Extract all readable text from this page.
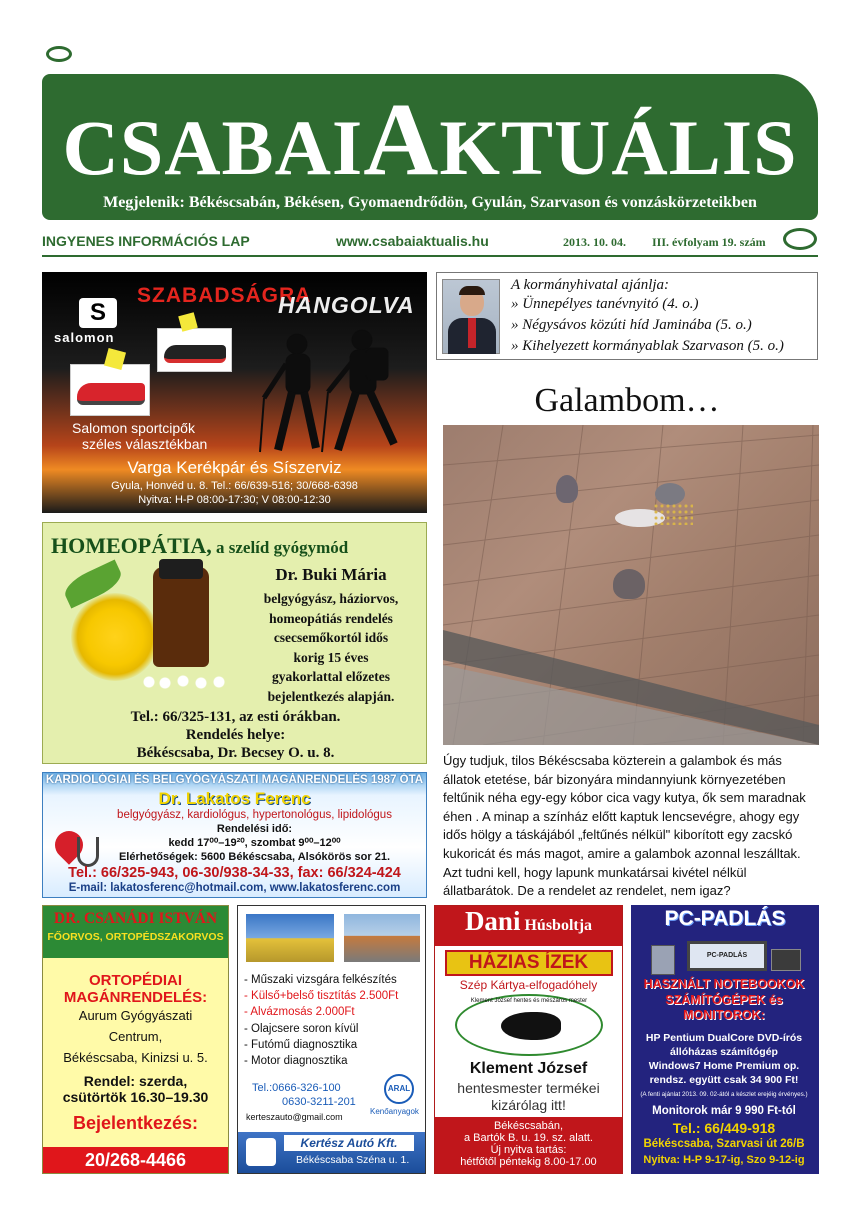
CSABAIAKTUÁLIS
Megjelenik: Békéscsabán, Békésen, Gyomaendrődön, Gyulán, Szarvason és vonzáskörzeteikben
INGYENES INFORMÁCIÓS LAP	www.csabaiaktualis.hu	2013. 10. 04. III. évfolyam 19. szám
SZABADSÁGRA
HANGOLVA
S
salomon
Salomon sportcipők
széles választékban
Varga Kerékpár és Síszerviz
Gyula, Honvéd u. 8. Tel.: 66/639-516; 30/668-6398
Nyitva: H-P 08:00-17:30; V 08:00-12:30
HOMEOPÁTIA, a szelíd gyógymód
Dr. Buki Mária
belgyógyász, háziorvos,
homeopátiás rendelés
csecsemőkortól idős
korig 15 éves
gyakorlattal előzetes
bejelentkezés alapján.
Tel.: 66/325-131, az esti órákban.
Rendelés helye:
Békéscsaba, Dr. Becsey O. u. 8.
KARDIOLÓGIAI ÉS BELGYÓGYÁSZATI MAGÁNRENDELÉS 1987 ÓTA
Dr. Lakatos Ferenc
belgyógyász, kardiológus, hypertonológus, lipidológus
Rendelési idő:
kedd 17⁰⁰–19²⁰, szombat 9⁰⁰–12⁰⁰
Elérhetőségek: 5600 Békéscsaba, Alsókörös sor 21.
Tel.: 66/325-943, 06-30/938-34-33, fax: 66/324-424
E-mail: lakatosferenc@hotmail.com, www.lakatosferenc.com
A kormányhivatal ajánlja:
» Ünnepélyes tanévnyitó (4. o.)
» Négysávos közúti híd Jaminába (5. o.)
» Kihelyezett kormányablak Szarvason (5. o.)
Galambom…
Úgy tudjuk, tilos Békéscsaba közterein a galambok és más állatok etetése, bár bizonyára mindannyiunk környezetében feltűnik néha egy-egy kóbor cica vagy kutya, ők sem maradnak éhen . A minap a színház előtt kaptuk lencsevégre, ahogy egy idős hölgy a táskájából „feltűnés nélkül" kiborított egy zacskó kukoricát és más magot, amire a galambok azonnal leszálltak. Azt tudni kell, hogy lapunk munkatársai kivétel nélkül állatbarátok. De a rendelet az rendelet, nem igaz?
DR. CSANÁDI ISTVÁN
FŐORVOS, ORTOPÉDSZAKORVOS
ORTOPÉDIAI
MAGÁNRENDELÉS:
Aurum Gyógyászati
Centrum,
Békéscsaba, Kinizsi u. 5.
Rendel: szerda,
csütörtök 16.30–19.30
Bejelentkezés:
20/268-4466
- Műszaki vizsgára felkészítés
- Külső+belső tisztítás 2.500Ft
- Alvázmosás 2.000Ft
- Olajcsere soron kívül
- Futómű diagnosztika
- Motor diagnosztika
Tel.:0666-326-100
0630-3211-201
kerteszauto@gmail.com
ARAL
Kenőanyagok
Kertész Autó Kft.
Békéscsaba Széna u. 1.
Dani Húsboltja
HÁZIAS ÍZEK
Szép Kártya-elfogadóhely
Klement József hentes és mészáros mester
Klement József
hentesmester termékei
kizárólag itt!
Békéscsabán,
a Bartók B. u. 19. sz. alatt.
Új nyitva tartás:
hétfőtől péntekig 8.00-17.00
PC-PADLÁS
PC-PADLÁS
HASZNÁLT NOTEBOOKOK
SZÁMÍTÓGÉPEK és
MONITOROK:
HP Pentium DualCore DVD-írós
állóházas számítógép
Windows7 Home Premium op.
rendsz. együtt csak 34 900 Ft!
(A fenti ajánlat 2013. 09. 02-ától a készlet erejéig érvényes.)
Monitorok már 9 990 Ft-tól
Tel.: 66/449-918
Békéscsaba, Szarvasi út 26/B
Nyitva: H-P 9-17-ig, Szo 9-12-ig
